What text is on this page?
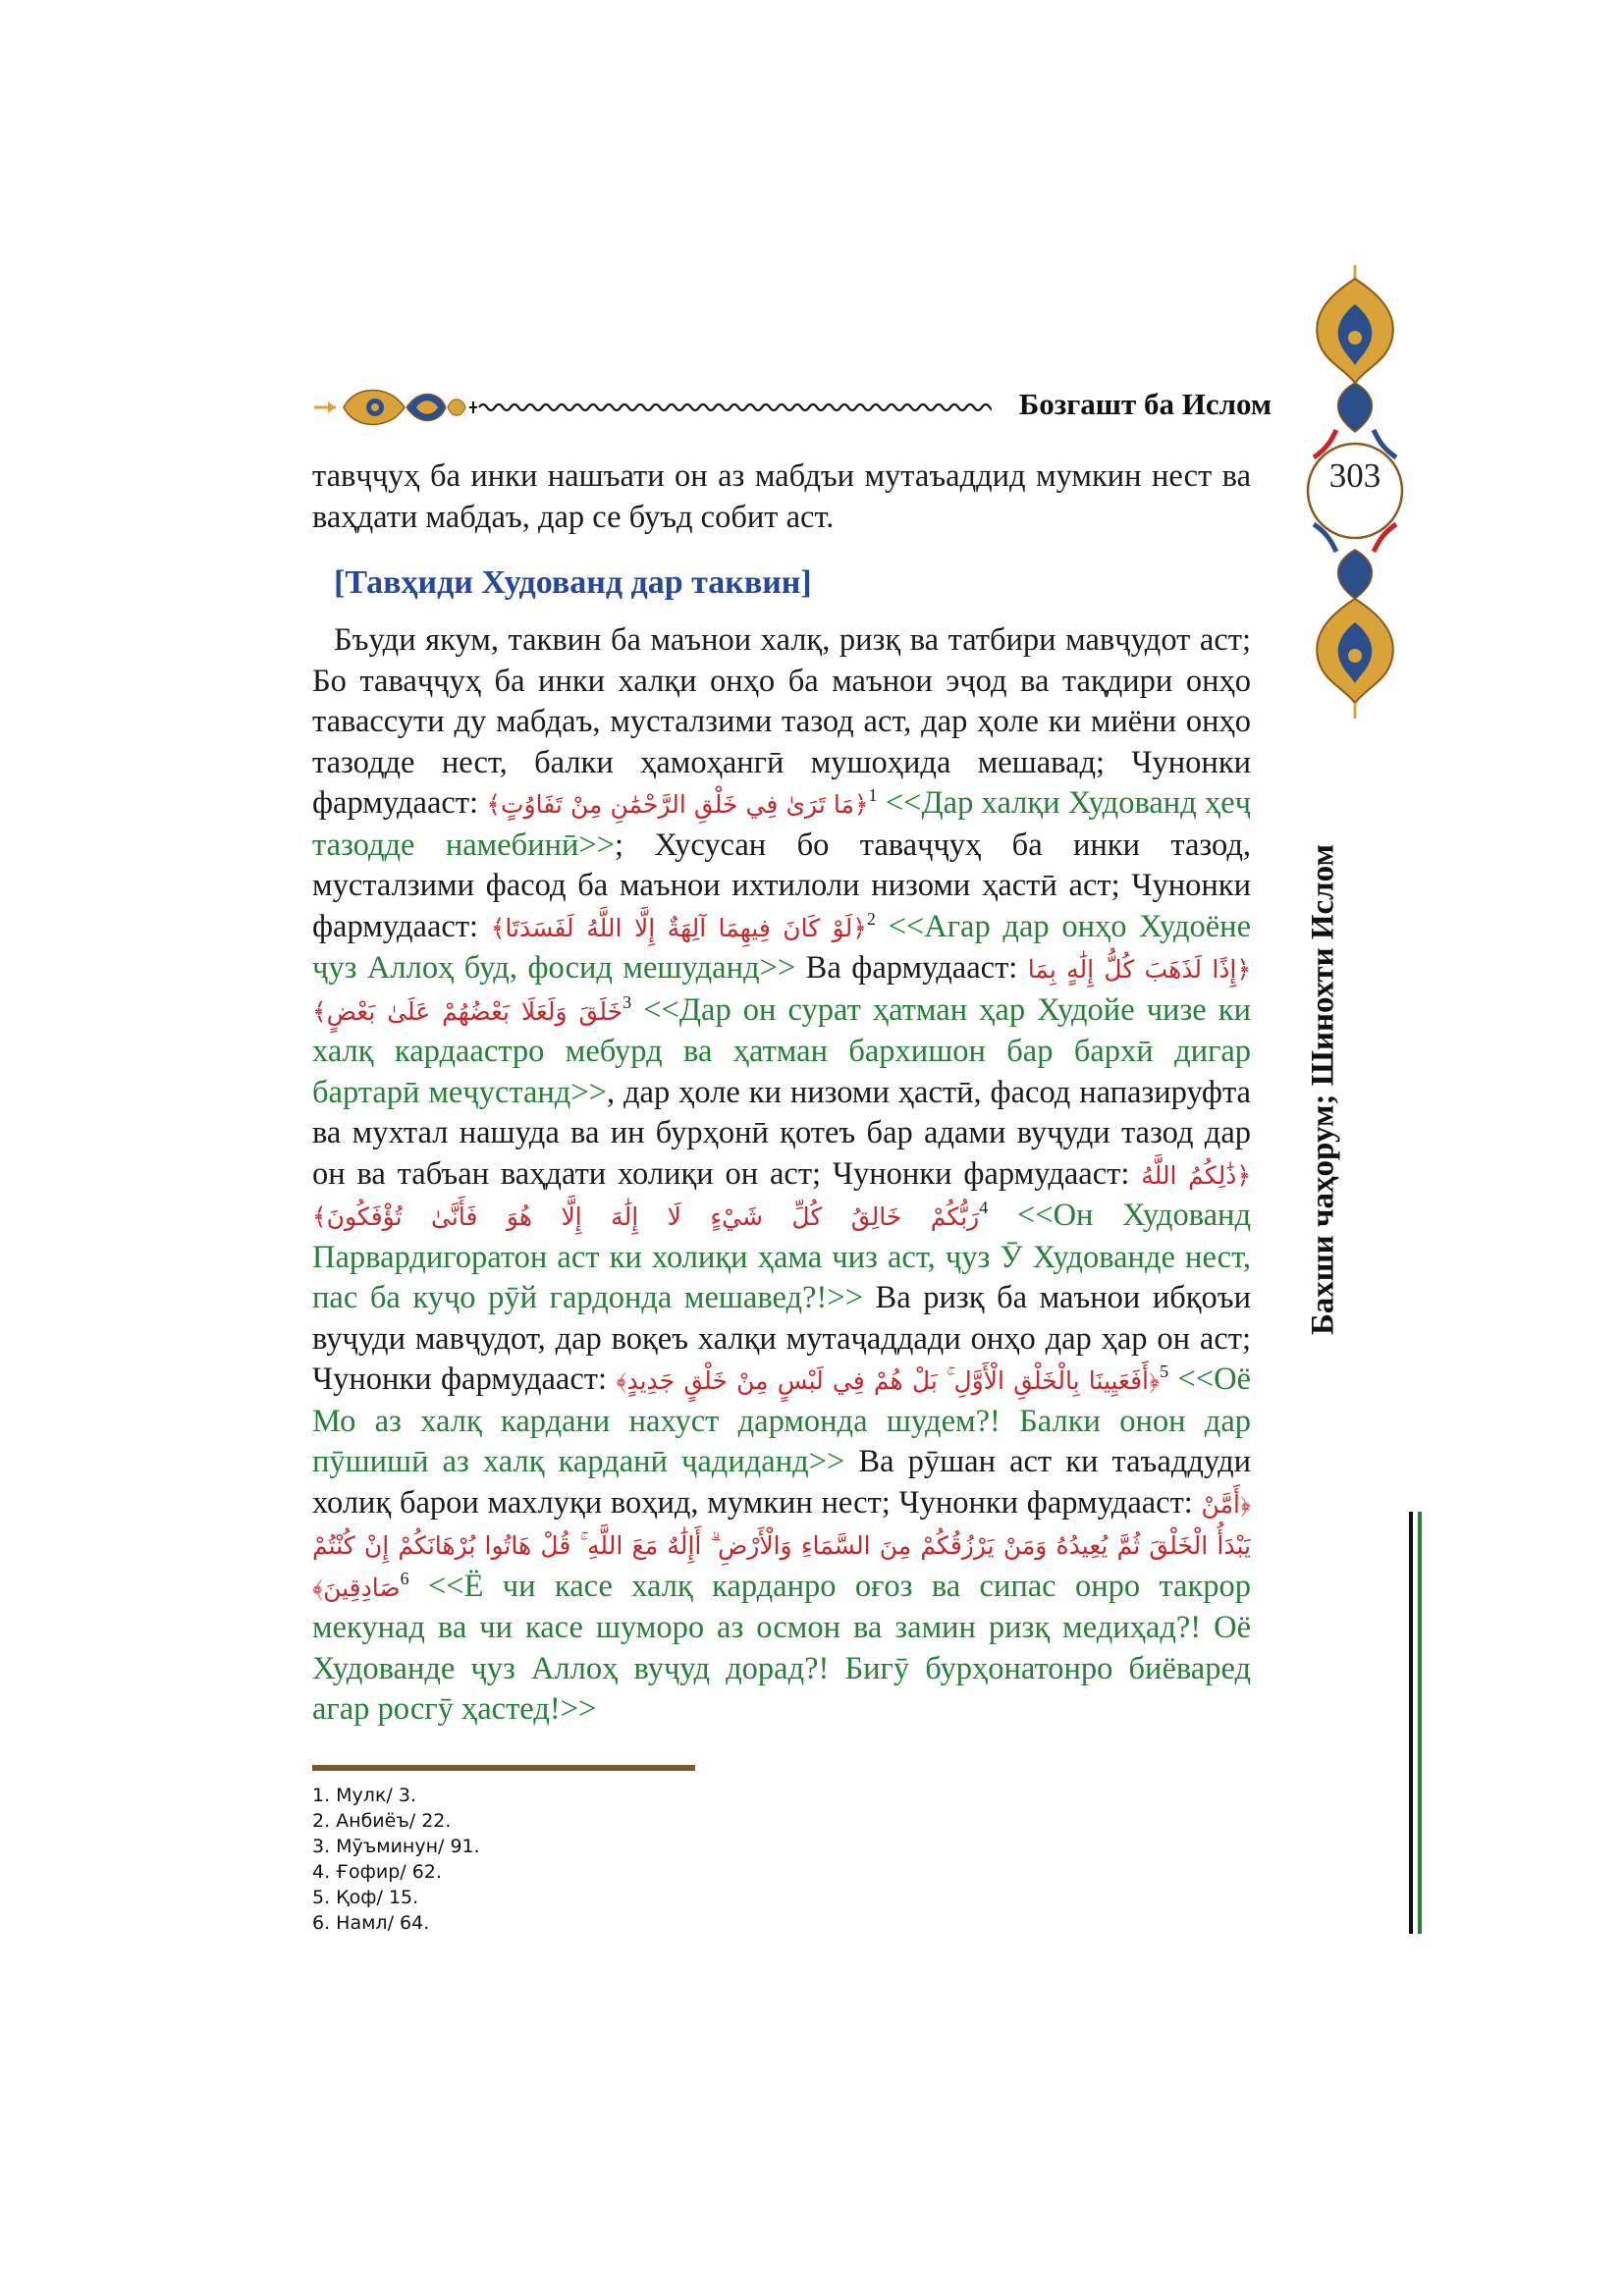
Бозгашт ба Ислом
303
Бахши чаҳорум; Шинохти Ислом

тавҷҷуҳ ба инки нашъати он аз мабдъи мутаъаддид мумкин нест ва ваҳдати мабдаъ, дар се буъд собит аст.

[Тавҳиди Худованд дар таквин]

Бъуди якум, таквин ба маънои халқ, ризқ ва татбири мавҷудот аст; Бо таваҷҷуҳ ба инки халқи онҳо ба маънои эҷод ва тақдири онҳо тавассути ду мабдаъ, мусталзими тазод аст, дар ҳоле ки миёни онҳо тазодде нест, балки ҳамоҳангӣ мушоҳида мешавад; Чунонки фармудааст: ﴿مَا تَرَىٰ فِي خَلْقِ الرَّحْمَٰنِ مِنْ تَفَاوُتٍ﴾$^1$ <<Дар халқи Худованд ҳеҷ тазодде намебинӣ>>; Хусусан бо таваҷҷуҳ ба инки тазод, мусталзими фасод ба маънои ихтилоли низоми ҳастӣ аст; Чунонки фармудааст: ﴿لَوْ كَانَ فِيهِمَا آلِهَةٌ إِلَّا اللَّهُ لَفَسَدَتَا﴾$^2$ <<Агар дар онҳо Худоёне ҷуз Аллоҳ буд, фосид мешуданд>> Ва фармудааст: ﴿إِذًا لَذَهَبَ كُلُّ إِلَٰهٍ بِمَا خَلَقَ وَلَعَلَا بَعْضُهُمْ عَلَىٰ بَعْضٍ﴾$^3$ <<Дар он сурат ҳатман ҳар Худойе чизе ки халқ кардаастро мебурд ва ҳатман бархишон бар бархӣ дигар бартарӣ меҷустанд>>, дар ҳоле ки низоми ҳастӣ, фасод напазируфта ва мухтал нашуда ва ин бурҳонӣ қотеъ бар адами вуҷуди тазод дар он ва табъан ваҳдати холиқи он аст; Чунонки фармудааст: ﴿ذَٰلِكُمُ اللَّهُ رَبُّكُمْ خَالِقُ كُلِّ شَيْءٍ لَا إِلَٰهَ إِلَّا هُوَ فَأَنَّىٰ تُؤْفَكُونَ﴾$^4$ <<Он Худованд Парвардигоратон аст ки холиқи ҳама чиз аст, ҷуз Ӯ Худованде нест, пас ба куҷо рӯй гардонда мешавед?!>> Ва ризқ ба маънои ибқоъи вуҷуди мавҷудот, дар воқеъ халқи мутаҷаддади онҳо дар ҳар он аст; Чунонки фармудааст: ﴿أَفَعَيِينَا بِالْخَلْقِ الْأَوَّلِ ۚ بَلْ هُمْ فِي لَبْسٍ مِنْ خَلْقٍ جَدِيدٍ﴾$^5$ <<Оё Мо аз халқ кардани нахуст дармонда шудем?! Балки онон дар пӯшишӣ аз халқ карданӣ ҷадиданд>> Ва рӯшан аст ки таъаддуди холиқ барои махлуқи воҳид, мумкин нест; Чунонки фармудааст: ﴿أَمَّنْ يَبْدَأُ الْخَلْقَ ثُمَّ يُعِيدُهُ وَمَنْ يَرْزُقُكُمْ مِنَ السَّمَاءِ وَالْأَرْضِ ۗ أَإِلَٰهٌ مَعَ اللَّهِ ۚ قُلْ هَاتُوا بُرْهَانَكُمْ إِنْ كُنْتُمْ صَادِقِينَ﴾$^6$ <<Ё чи касе халқ карданро оғоз ва сипас онро такрор мекунад ва чи касе шуморо аз осмон ва замин ризқ медиҳад?! Оё Худованде ҷуз Аллоҳ вуҷуд дорад?! Бигӯ бурҳонатонро биёваред агар росгӯ ҳастед!>>

1. Мулк/ 3.
2. Анбиёъ/ 22.
3. Мӯъминун/ 91.
4. Ғофир/ 62.
5. Қоф/ 15.
6. Намл/ 64.
